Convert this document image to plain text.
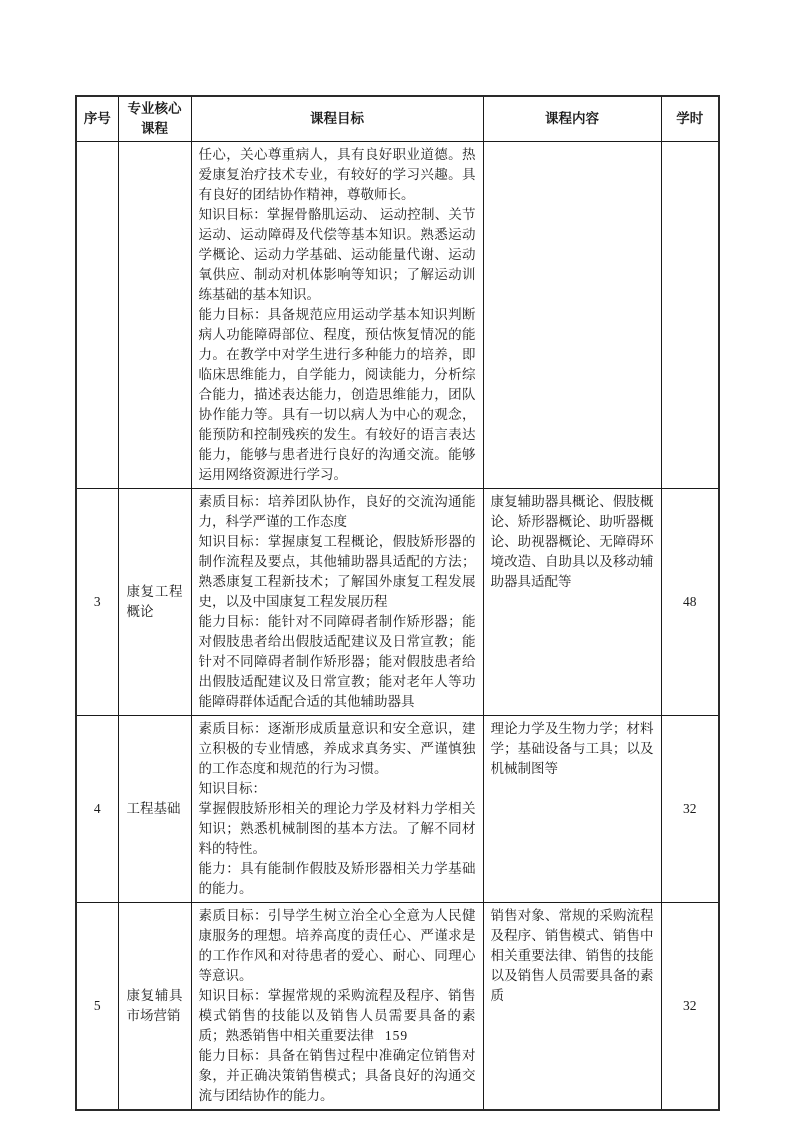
序号	专业核心课程	课程目标	课程内容	学时

		任心，关心尊重病人，具有良好职业道德。热爱康复治疗技术专业，有较好的学习兴趣。具有良好的团结协作精神，尊敬师长。

知识目标：掌握骨骼肌运动、 运动控制、关节运动、运动障碍及代偿等基本知识。熟悉运动学概论、运动力学基础、运动能量代谢、运动氧供应、制动对机体影响等知识；了解运动训练基础的基本知识。

能力目标：具备规范应用运动学基本知识判断病人功能障碍部位、程度，预估恢复情况的能力。在教学中对学生进行多种能力的培养，即临床思维能力，自学能力，阅读能力，分析综合能力，描述表达能力，创造思维能力，团队协作能力等。具有一切以病人为中心的观念，能预防和控制残疾的发生。有较好的语言表达能力，能够与患者进行良好的沟通交流。能够运用网络资源进行学习。		

3	康复工程概论	素质目标：培养团队协作，良好的交流沟通能力，科学严谨的工作态度

知识目标：掌握康复工程概论，假肢矫形器的制作流程及要点，其他辅助器具适配的方法；熟悉康复工程新技术；了解国外康复工程发展史，以及中国康复工程发展历程

能力目标：能针对不同障碍者制作矫形器；能对假肢患者给出假肢适配建议及日常宣教；能针对不同障碍者制作矫形器；能对假肢患者给出假肢适配建议及日常宣教；能对老年人等功能障碍群体适配合适的其他辅助器具	康复辅助器具概论、假肢概论、矫形器概论、助听器概论、助视器概论、无障碍环境改造、自助具以及移动辅助器具适配等	48
4	工程基础	素质目标：逐渐形成质量意识和安全意识，建立积极的专业情感，养成求真务实、严谨慎独的工作态度和规范的行为习惯。

知识目标：

掌握假肢矫形相关的理论力学及材料力学相关知识；熟悉机械制图的基本方法。了解不同材料的特性。

能力：具有能制作假肢及矫形器相关力学基础的能力。	理论力学及生物力学；材料学；基础设备与工具；以及机械制图等	32
5	康复辅具市场营销	素质目标：引导学生树立治全心全意为人民健康服务的理想。培养高度的责任心、严谨求是的工作作风和对待患者的爱心、耐心、同理心等意识。

知识目标：掌握常规的采购流程及程序、销售模式销售的技能以及销售人员需要具备的素质；熟悉销售中相关重要法律

能力目标：具备在销售过程中准确定位销售对象，并正确决策销售模式；具备良好的沟通交流与团结协作的能力。	销售对象、常规的采购流程及程序、销售模式、销售中相关重要法律、销售的技能以及销售人员需要具备的素质	32
159
